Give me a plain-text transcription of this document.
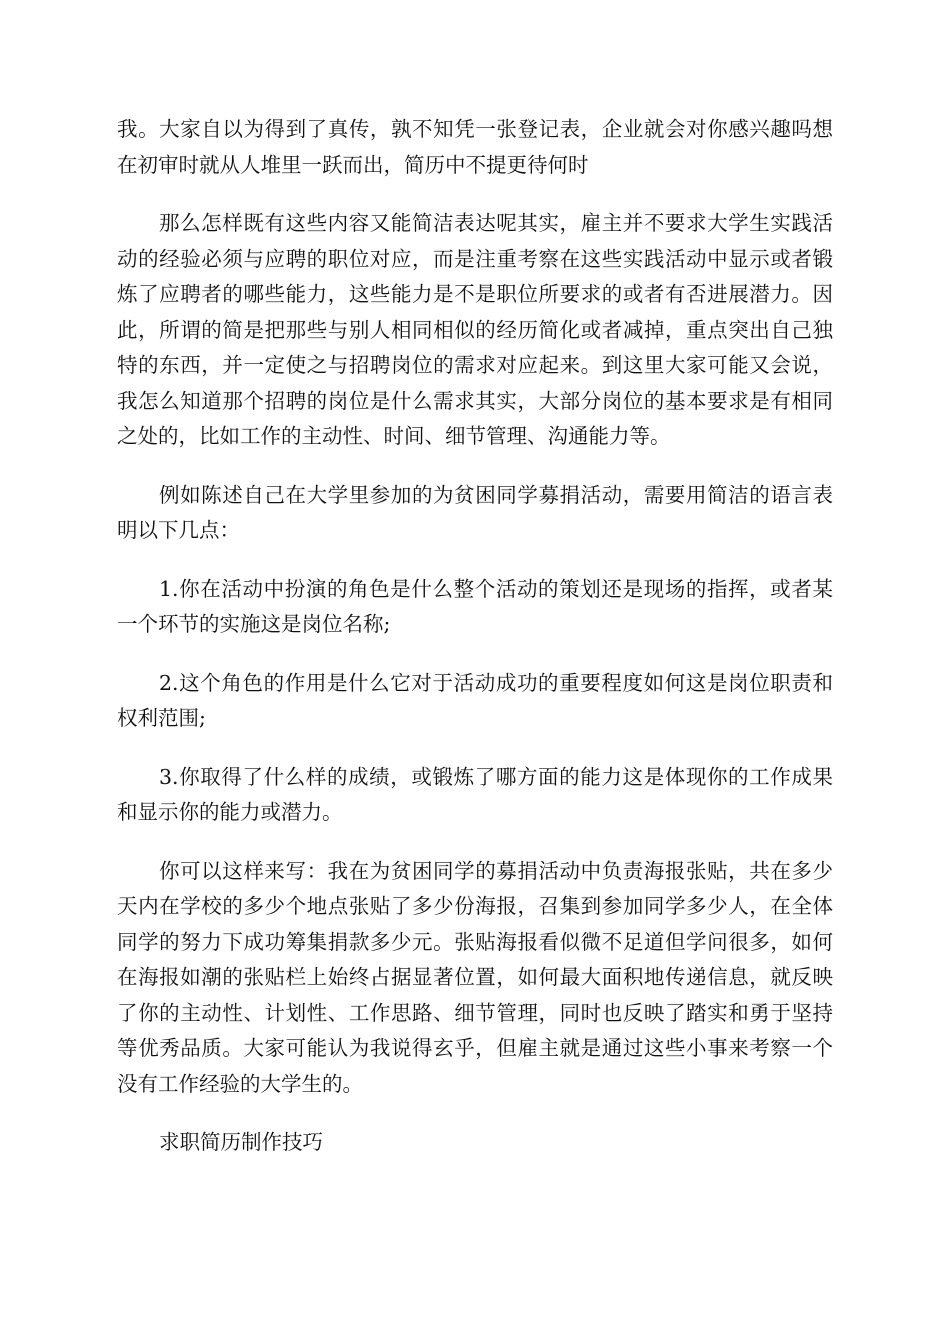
我。大家自以为得到了真传，孰不知凭一张登记表，企业就会对你感兴趣吗想在初审时就从人堆里一跃而出，简历中不提更待何时

那么怎样既有这些内容又能简洁表达呢其实，雇主并不要求大学生实践活动的经验必须与应聘的职位对应，而是注重考察在这些实践活动中显示或者锻炼了应聘者的哪些能力，这些能力是不是职位所要求的或者有否进展潜力。因此，所谓的简是把那些与别人相同相似的经历简化或者减掉，重点突出自己独特的东西，并一定使之与招聘岗位的需求对应起来。到这里大家可能又会说，我怎么知道那个招聘的岗位是什么需求其实，大部分岗位的基本要求是有相同之处的，比如工作的主动性、时间、细节管理、沟通能力等。

例如陈述自己在大学里参加的为贫困同学募捐活动，需要用简洁的语言表明以下几点：

1.你在活动中扮演的角色是什么整个活动的策划还是现场的指挥，或者某一个环节的实施这是岗位名称;

2.这个角色的作用是什么它对于活动成功的重要程度如何这是岗位职责和权利范围;

3.你取得了什么样的成绩，或锻炼了哪方面的能力这是体现你的工作成果和显示你的能力或潜力。

你可以这样来写：我在为贫困同学的募捐活动中负责海报张贴，共在多少天内在学校的多少个地点张贴了多少份海报，召集到参加同学多少人，在全体同学的努力下成功筹集捐款多少元。张贴海报看似微不足道但学问很多，如何在海报如潮的张贴栏上始终占据显著位置，如何最大面积地传递信息，就反映了你的主动性、计划性、工作思路、细节管理，同时也反映了踏实和勇于坚持等优秀品质。大家可能认为我说得玄乎，但雇主就是通过这些小事来考察一个没有工作经验的大学生的。

求职简历制作技巧
